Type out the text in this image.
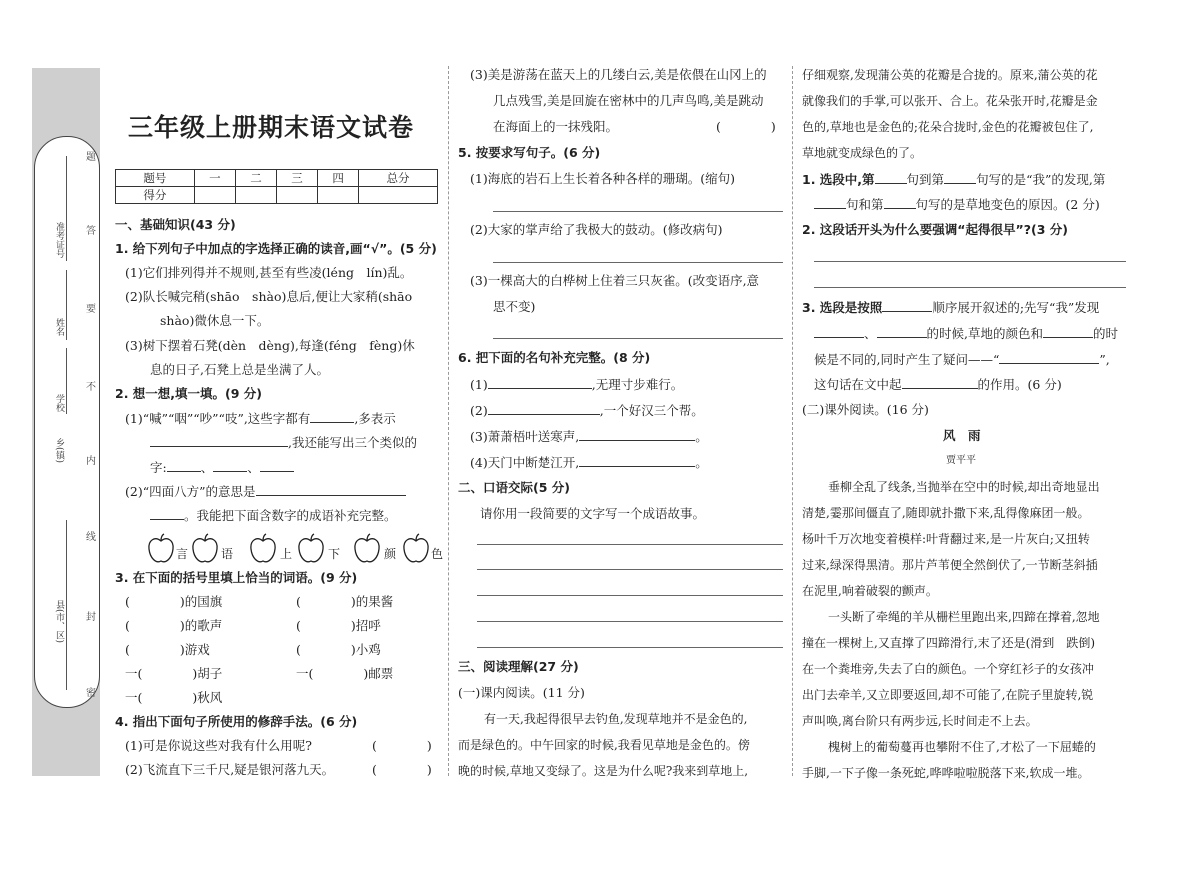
准考证号
姓名
学校
乡(镇)
县(市、区)
题
答
要
不
内
线
封
密
三年级上册期末语文试卷
题号	一	二	三	四	总分
得分					
一、基础知识(43 分)
1. 给下列句子中加点的字选择正确的读音,画“√”。(5 分)
(1)它们排列得并不规则,甚至有些凌(léng　lín)乱。
(2)队长喊完稍(shāo　shào)息后,便让大家稍(shāo
shào)微休息一下。
(3)树下摆着石凳(dèn　dèng),每逢(féng　fèng)休
息的日子,石凳上总是坐满了人。
2. 想一想,填一填。(9 分)
(1)“喊”“咽”“吵”“吱”,这些字都有	,多表示
,我还能写出三个类似的
字:	、	、
(2)“四面八方”的意思是
。我能把下面含数字的成语补充完整。
言	语	上	下	颜	色
3. 在下面的括号里填上恰当的词语。(9 分)
(　　　　)的国旗	(　　　　)的果酱
(　　　　)的歌声	(　　　　)招呼
(　　　　)游戏	(　　　　)小鸡
一(　　　　)胡子	一(　　　　)邮票
一(　　　　)秋风
4. 指出下面句子所使用的修辞手法。(6 分)
(1)可是你说这些对我有什么用呢?	(　　　　)
(2)飞流直下三千尺,疑是银河落九天。	(　　　　)
(3)美是游荡在蓝天上的几缕白云,美是依偎在山冈上的
几点残雪,美是回旋在密林中的几声鸟鸣,美是跳动
在海面上的一抹残阳。	(　　　　)
5. 按要求写句子。(6 分)
(1)海底的岩石上生长着各种各样的珊瑚。(缩句)
(2)大家的掌声给了我极大的鼓动。(修改病句)
(3)一棵高大的白桦树上住着三只灰雀。(改变语序,意
思不变)
6. 把下面的名句补充完整。(8 分)
(1)	,无理寸步难行。
(2)	,一个好汉三个帮。
(3)萧萧梧叶送寒声,	。
(4)天门中断楚江开,	。
二、口语交际(5 分)
请你用一段简要的文字写一个成语故事。
三、阅读理解(27 分)
(一)课内阅读。(11 分)
有一天,我起得很早去钓鱼,发现草地并不是金色的,
而是绿色的。中午回家的时候,我看见草地是金色的。傍
晚的时候,草地又变绿了。这是为什么呢?我来到草地上,
仔细观察,发现蒲公英的花瓣是合拢的。原来,蒲公英的花
就像我们的手掌,可以张开、合上。花朵张开时,花瓣是金
色的,草地也是金色的;花朵合拢时,金色的花瓣被包住了,
草地就变成绿色的了。
1. 选段中,第	句到第	句写的是“我”的发现,第
句和第	句写的是草地变色的原因。(2 分)
2. 这段话开头为什么要强调“起得很早”?(3 分)
3. 选段是按照	顺序展开叙述的;先写“我”发现
、	的时候,草地的颜色和	的时
候是不同的,同时产生了疑问——“	”,
这句话在文中起	的作用。(6 分)
(二)课外阅读。(16 分)
风　雨
贾平平
垂柳全乱了线条,当抛举在空中的时候,却出奇地显出
清楚,霎那间僵直了,随即就扑撒下来,乱得像麻团一般。
杨叶千万次地变着模样:叶背翻过来,是一片灰白;又扭转
过来,绿深得黑清。那片芦苇便全然倒伏了,一节断茎斜插
在泥里,响着破裂的颤声。
一头断了牵绳的羊从栅栏里跑出来,四蹄在撑着,忽地
撞在一棵树上,又直撑了四蹄滑行,末了还是(滑到　跌倒)
在一个粪堆旁,失去了白的颜色。一个穿红衫子的女孩冲
出门去牵羊,又立即要返回,却不可能了,在院子里旋转,锐
声叫唤,离台阶只有两步远,长时间走不上去。
槐树上的葡萄蔓再也攀附不住了,才松了一下屈蜷的
手脚,一下子像一条死蛇,哗哗啦啦脱落下来,软成一堆。
